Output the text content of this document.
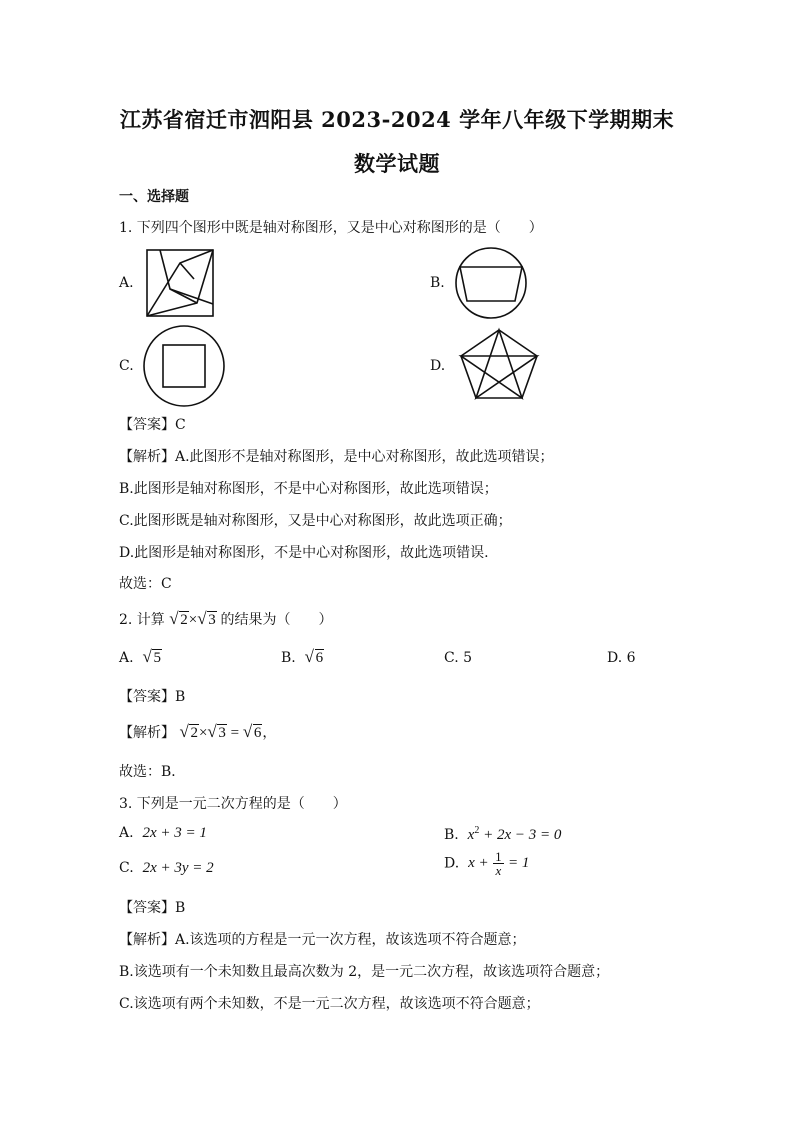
江苏省宿迁市泗阳县 2023-2024 学年八年级下学期期末
数学试题
一、选择题
1. 下列四个图形中既是轴对称图形，又是中心对称图形的是（　　）
A.	B.
C.	D.
【答案】C
【解析】A.此图形不是轴对称图形，是中心对称图形，故此选项错误；
B.此图形是轴对称图形，不是中心对称图形，故此选项错误；
C.此图形既是轴对称图形，又是中心对称图形，故此选项正确；
D.此图形是轴对称图形，不是中心对称图形，故此选项错误.
故选：C
2. 计算 √ 2× √ 3 的结果为（　　）
A. √ 5	B. √ 6	C. 5	D. 6
【答案】B
【解析】 √ 2× √ 3 = √ 6，
故选：B．
3. 下列是一元二次方程的是（　　）
A. 2x + 3 = 1	B. $x^2 + 2x - 3 = 0$
C. 2x + 3y = 2	D. $x + \frac{1}{x} = 1$
【答案】B
【解析】A.该选项的方程是一元一次方程，故该选项不符合题意；
B.该选项有一个未知数且最高次数为 2，是一元二次方程，故该选项符合题意；
C.该选项有两个未知数，不是一元二次方程，故该选项不符合题意；
